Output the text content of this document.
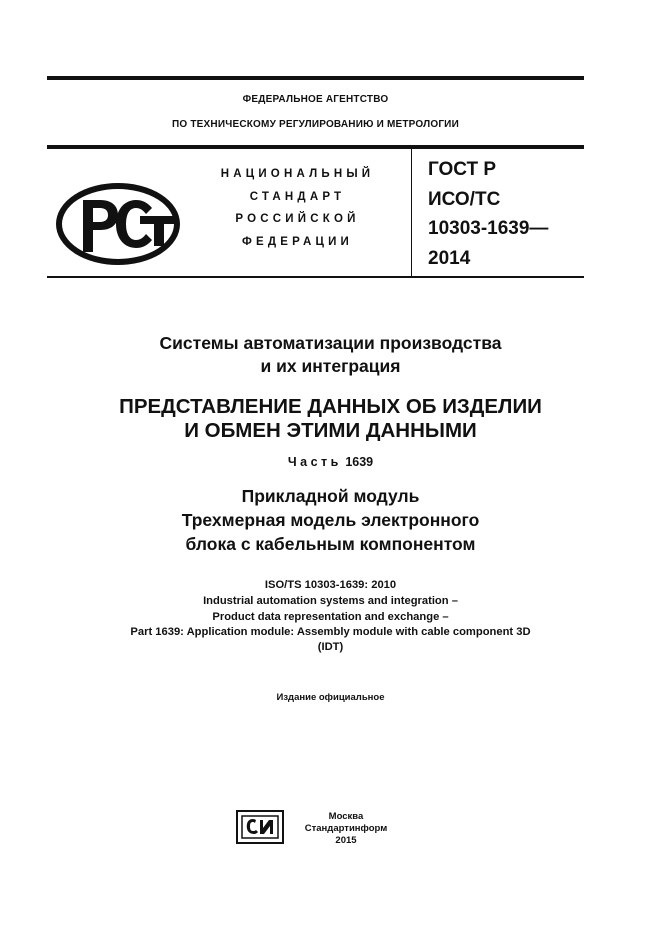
ФЕДЕРАЛЬНОЕ АГЕНТСТВО
ПО ТЕХНИЧЕСКОМУ РЕГУЛИРОВАНИЮ И МЕТРОЛОГИИ
НАЦИОНАЛЬНЫЙ
СТАНДАРТ
РОССИЙСКОЙ
ФЕДЕРАЦИИ
ГОСТ Р
ИСО/ТС
10303-1639—
2014
Системы автоматизации производства
и их интеграция
ПРЕДСТАВЛЕНИЕ ДАННЫХ ОБ ИЗДЕЛИИ
И ОБМЕН ЭТИМИ ДАННЫМИ
Часть 1639
Прикладной модуль
Трехмерная модель электронного
блока с кабельным компонентом
ISO/TS 10303-1639: 2010
Industrial automation systems and integration –
Product data representation and exchange –
Part 1639: Application module: Assembly module with cable component 3D
(IDT)
Издание официальное
Москва
Стандартинформ
2015
